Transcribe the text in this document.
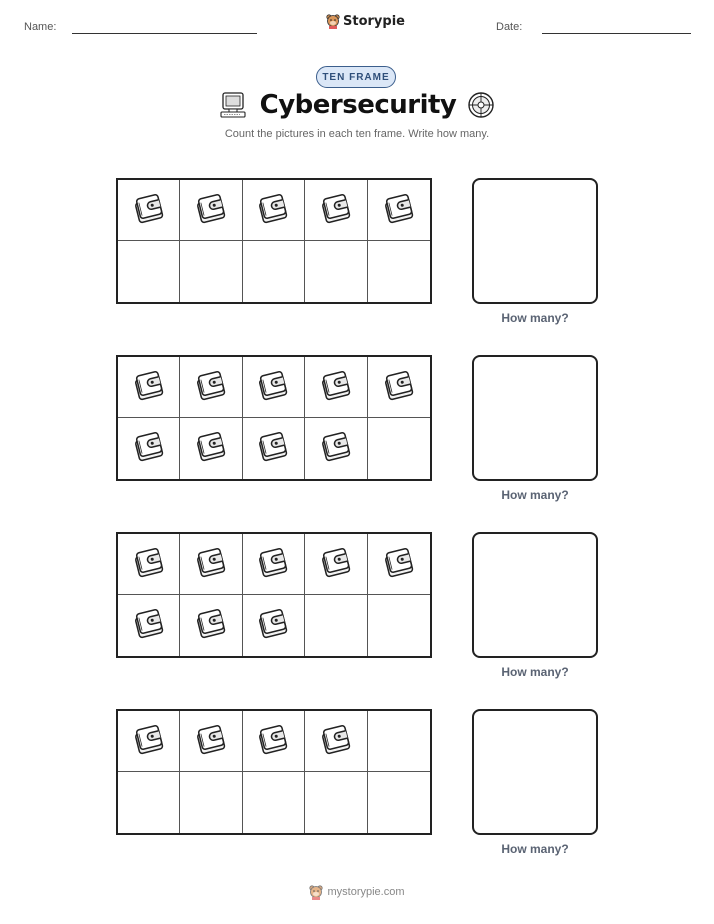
Name:	Storypie	Date:
TEN FRAME
Cybersecurity
Count the pictures in each ten frame. Write how many.
How many?
How many?
How many?
How many?
mystorypie.com
